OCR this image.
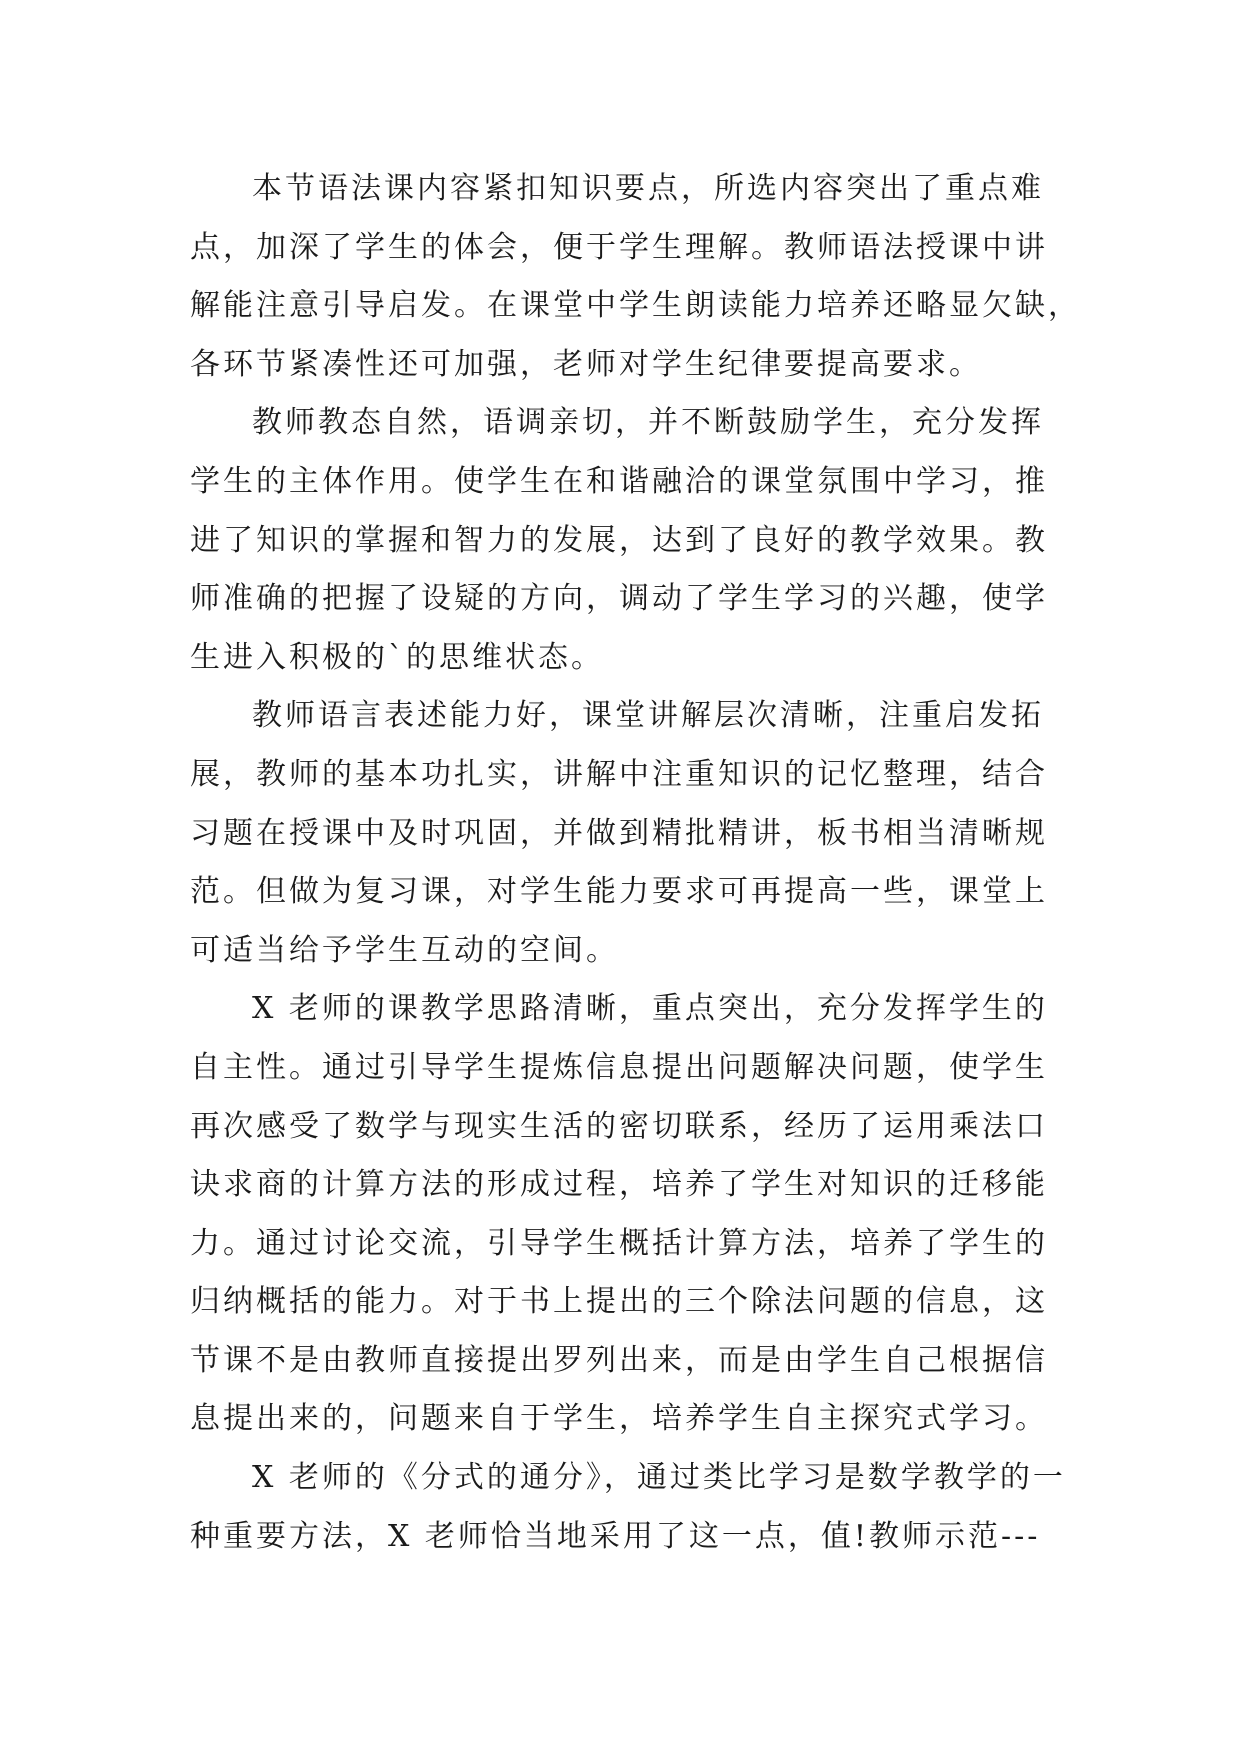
本节语法课内容紧扣知识要点，所选内容突出了重点难
点，加深了学生的体会，便于学生理解。教师语法授课中讲
解能注意引导启发。在课堂中学生朗读能力培养还略显欠缺，
各环节紧凑性还可加强，老师对学生纪律要提高要求。
教师教态自然，语调亲切，并不断鼓励学生，充分发挥
学生的主体作用。使学生在和谐融洽的课堂氛围中学习，推
进了知识的掌握和智力的发展，达到了良好的教学效果。教
师准确的把握了设疑的方向，调动了学生学习的兴趣，使学
生进入积极的`的思维状态。
教师语言表述能力好，课堂讲解层次清晰，注重启发拓
展，教师的基本功扎实，讲解中注重知识的记忆整理，结合
习题在授课中及时巩固，并做到精批精讲，板书相当清晰规
范。但做为复习课，对学生能力要求可再提高一些，课堂上
可适当给予学生互动的空间。
X 老师的课教学思路清晰，重点突出，充分发挥学生的
自主性。通过引导学生提炼信息提出问题解决问题，使学生
再次感受了数学与现实生活的密切联系，经历了运用乘法口
诀求商的计算方法的形成过程，培养了学生对知识的迁移能
力。通过讨论交流，引导学生概括计算方法，培养了学生的
归纳概括的能力。对于书上提出的三个除法问题的信息，这
节课不是由教师直接提出罗列出来，而是由学生自己根据信
息提出来的，问题来自于学生，培养学生自主探究式学习。
X 老师的《分式的通分》，通过类比学习是数学教学的一
种重要方法，X 老师恰当地采用了这一点，值!教师示范---
